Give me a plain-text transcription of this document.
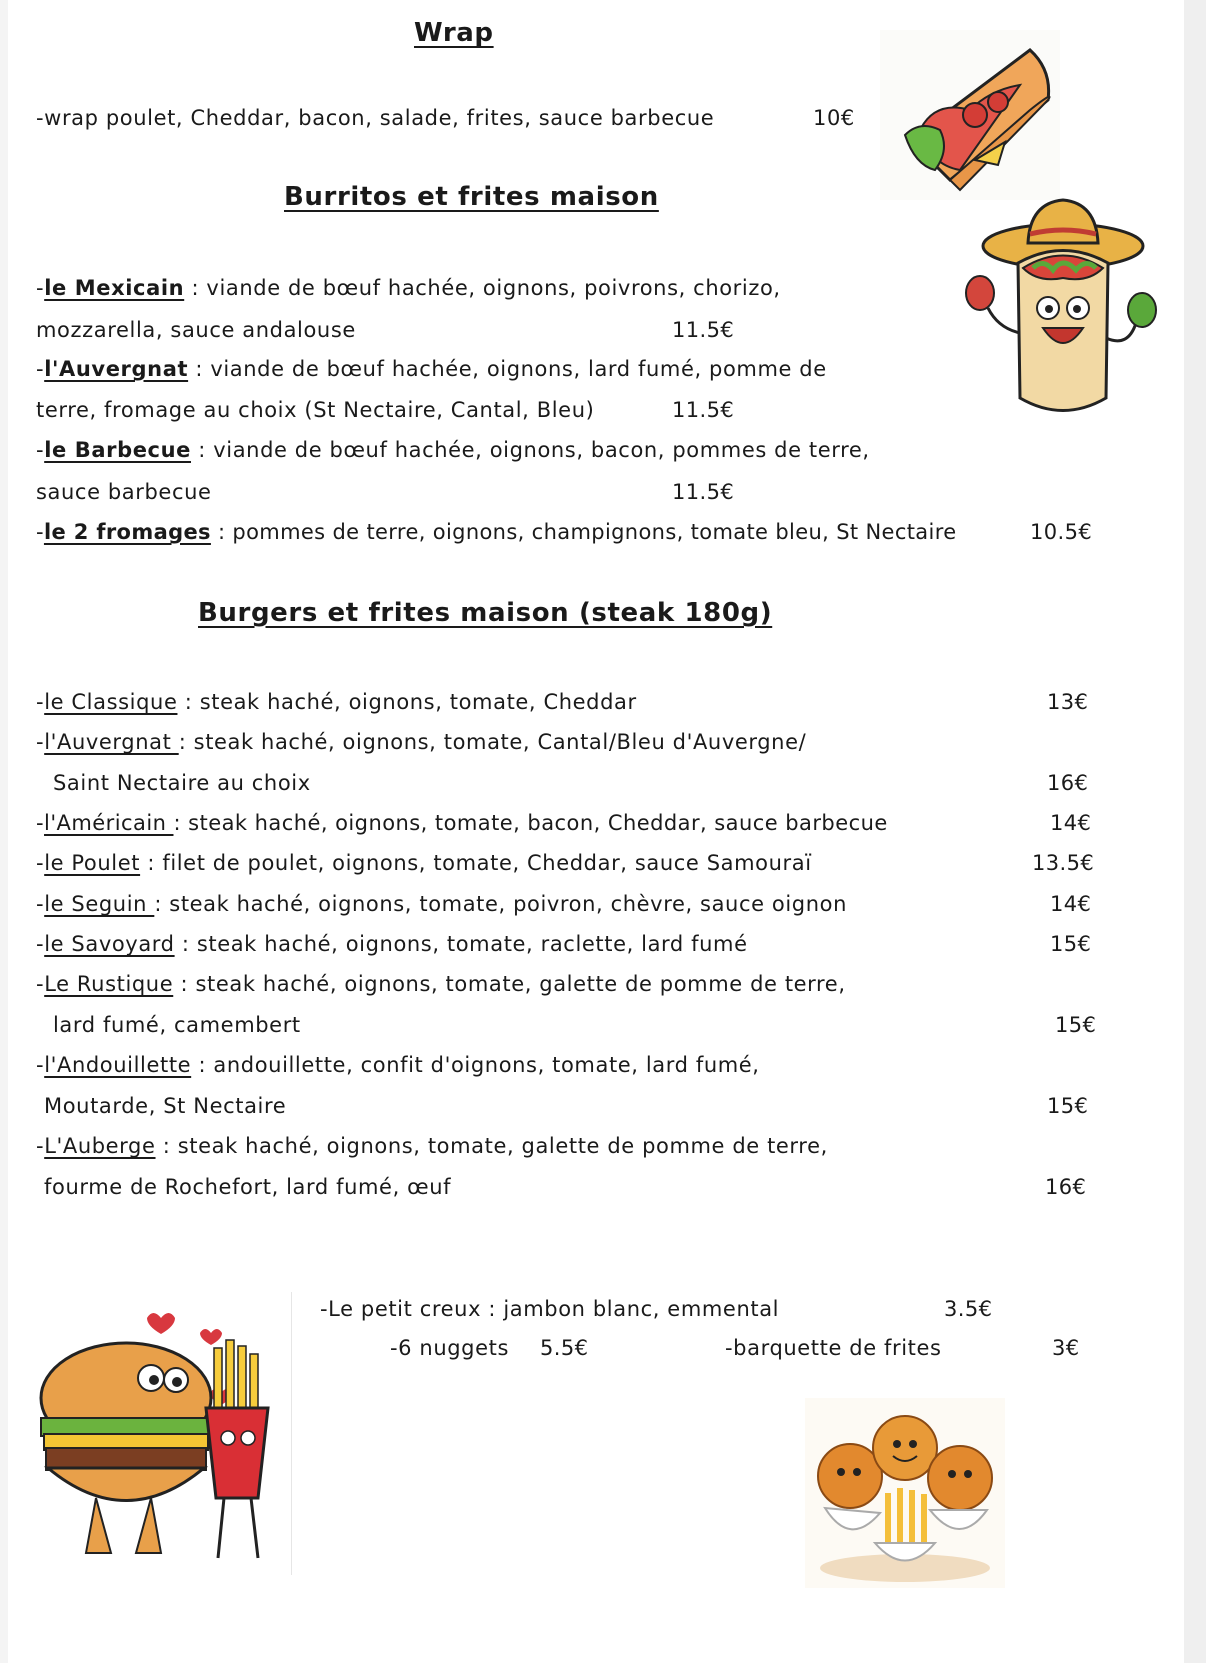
Wrap
-wrap poulet, Cheddar, bacon, salade, frites, sauce barbecue	10€
Burritos et frites maison
-le Mexicain : viande de bœuf hachée, oignons, poivrons, chorizo,
mozzarella, sauce andalouse	11.5€
-l'Auvergnat : viande de bœuf hachée, oignons, lard fumé, pomme de
terre, fromage au choix (St Nectaire, Cantal, Bleu)	11.5€
-le Barbecue : viande de bœuf hachée, oignons, bacon, pommes de terre,
sauce barbecue	11.5€
-le 2 fromages : pommes de terre, oignons, champignons, tomate bleu, St Nectaire	10.5€
Burgers et frites maison (steak 180g)
-le Classique : steak haché, oignons, tomate, Cheddar	13€
-l'Auvergnat : steak haché, oignons, tomate, Cantal/Bleu d'Auvergne/
Saint Nectaire au choix	16€
-l'Américain : steak haché, oignons, tomate, bacon, Cheddar, sauce barbecue	14€
-le Poulet : filet de poulet, oignons, tomate, Cheddar, sauce Samouraï	13.5€
-le Seguin : steak haché, oignons, tomate, poivron, chèvre, sauce oignon	14€
-le Savoyard : steak haché, oignons, tomate, raclette, lard fumé	15€
-Le Rustique : steak haché, oignons, tomate, galette de pomme de terre,
lard fumé, camembert	15€
-l'Andouillette : andouillette, confit d'oignons, tomate, lard fumé,
Moutarde, St Nectaire	15€
-L'Auberge : steak haché, oignons, tomate, galette de pomme de terre,
fourme de Rochefort, lard fumé, œuf	16€
-Le petit creux : jambon blanc, emmental	3.5€
-6 nuggets 5.5€	-barquette de frites	3€
